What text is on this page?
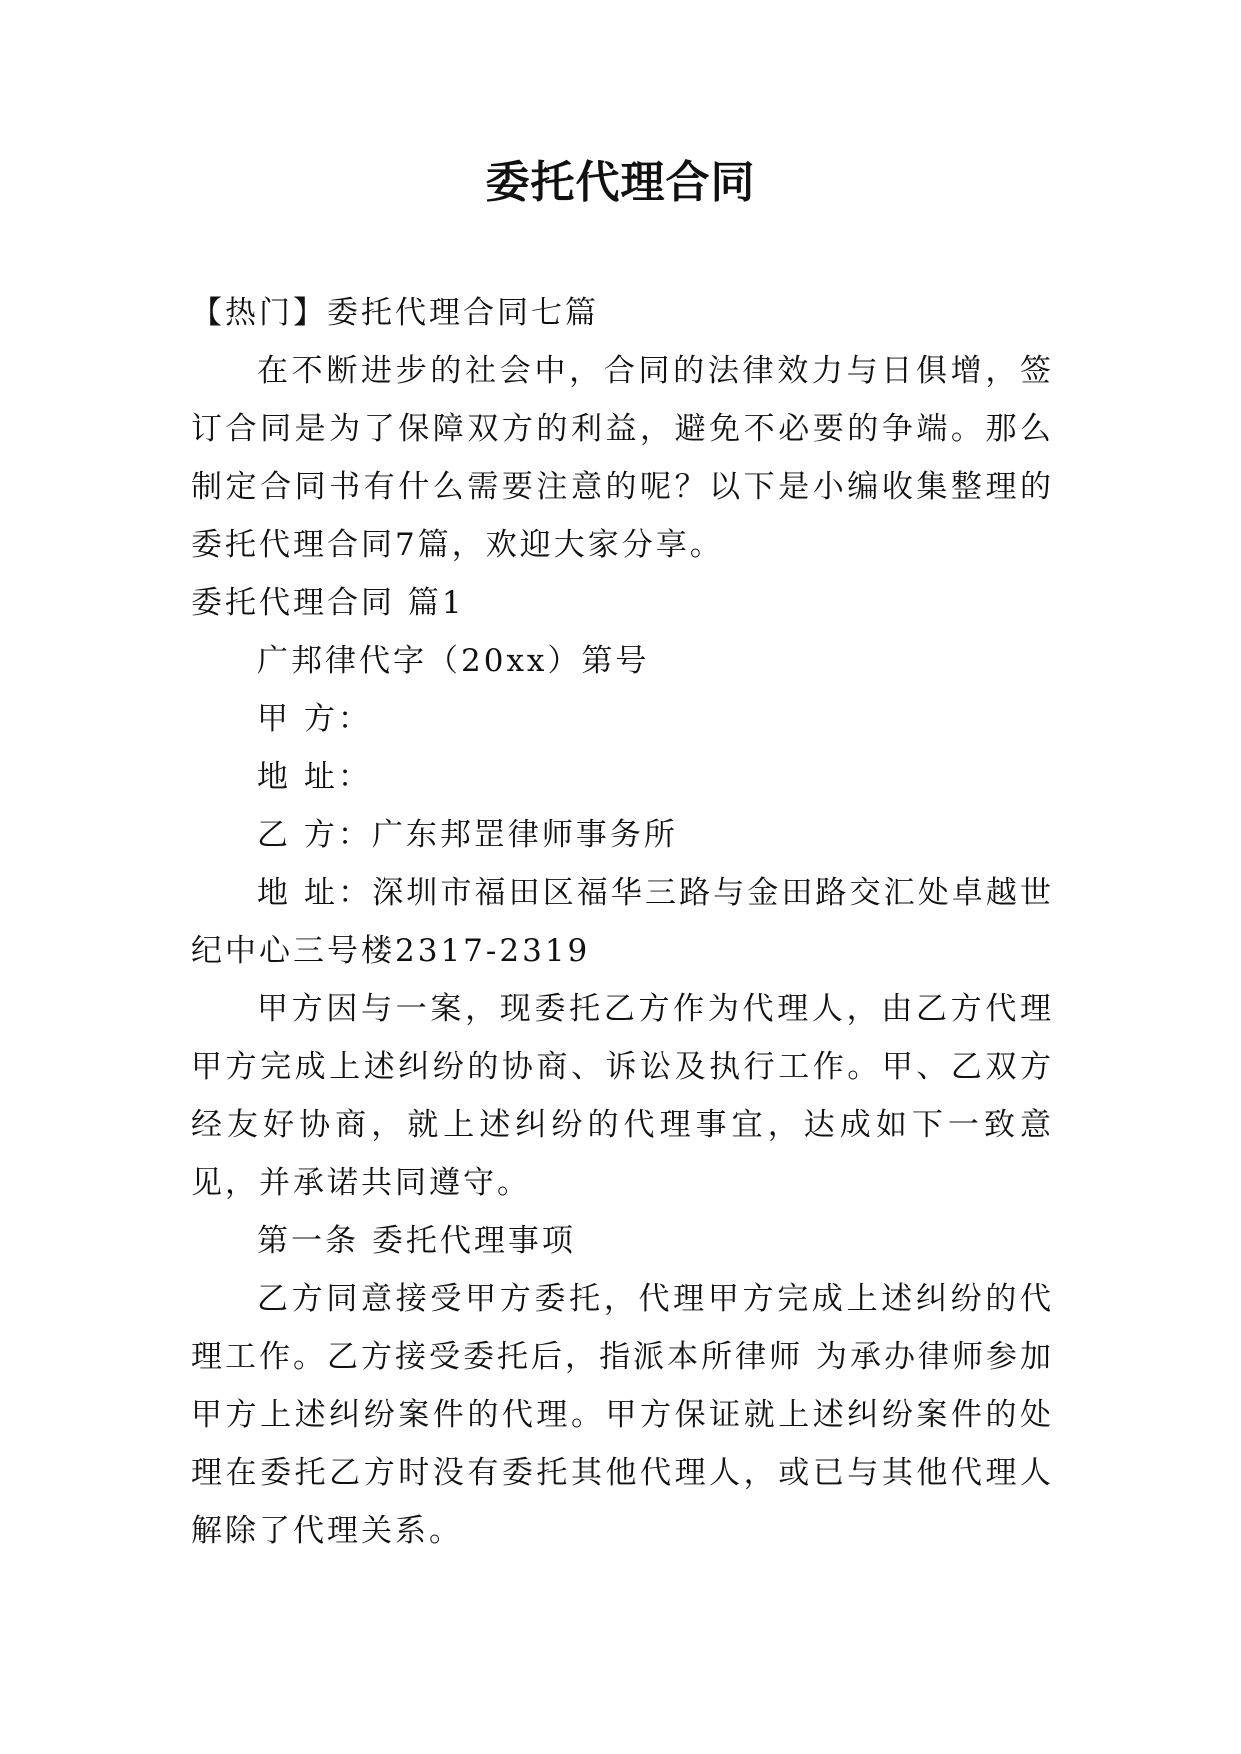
委托代理合同

【热门】委托代理合同七篇

在不断进步的社会中，合同的法律效力与日俱增，签订合同是为了保障双方的利益，避免不必要的争端。那么制定合同书有什么需要注意的呢？以下是小编收集整理的委托代理合同7篇，欢迎大家分享。

委托代理合同 篇1

广邦律代字（20xx）第号

甲 方：

地 址：

乙 方：广东邦罡律师事务所

地 址：深圳市福田区福华三路与金田路交汇处卓越世纪中心三号楼2317-2319

甲方因与一案，现委托乙方作为代理人，由乙方代理甲方完成上述纠纷的协商、诉讼及执行工作。甲、乙双方经友好协商，就上述纠纷的代理事宜，达成如下一致意见，并承诺共同遵守。

第一条 委托代理事项

乙方同意接受甲方委托，代理甲方完成上述纠纷的代理工作。乙方接受委托后，指派本所律师 为承办律师参加甲方上述纠纷案件的代理。甲方保证就上述纠纷案件的处理在委托乙方时没有委托其他代理人，或已与其他代理人解除了代理关系。
